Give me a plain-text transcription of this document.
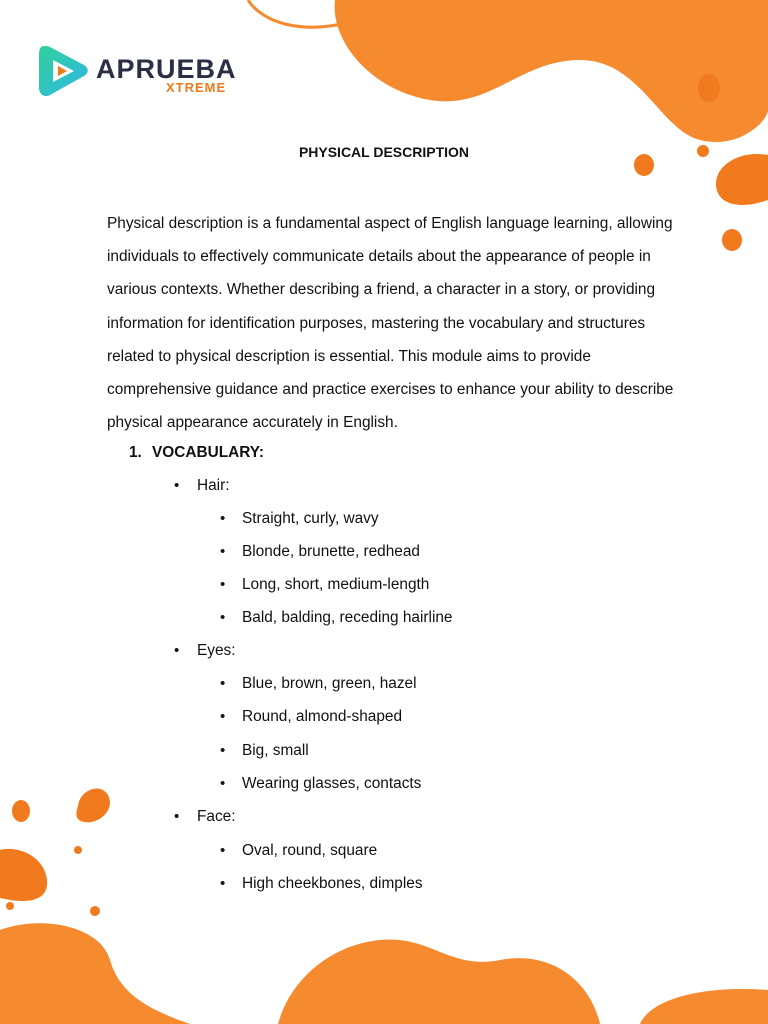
APRUEBA
XTREME
PHYSICAL DESCRIPTION

Physical description is a fundamental aspect of English language learning, allowing individuals to effectively communicate details about the appearance of people in various contexts. Whether describing a friend, a character in a story, or providing information for identification purposes, mastering the vocabulary and structures related to physical description is essential. This module aims to provide comprehensive guidance and practice exercises to enhance your ability to describe physical appearance accurately in English.

1. VOCABULARY:
• Hair:
• Straight, curly, wavy
• Blonde, brunette, redhead
• Long, short, medium-length
• Bald, balding, receding hairline
• Eyes:
• Blue, brown, green, hazel
• Round, almond-shaped
• Big, small
• Wearing glasses, contacts
• Face:
• Oval, round, square
• High cheekbones, dimples
